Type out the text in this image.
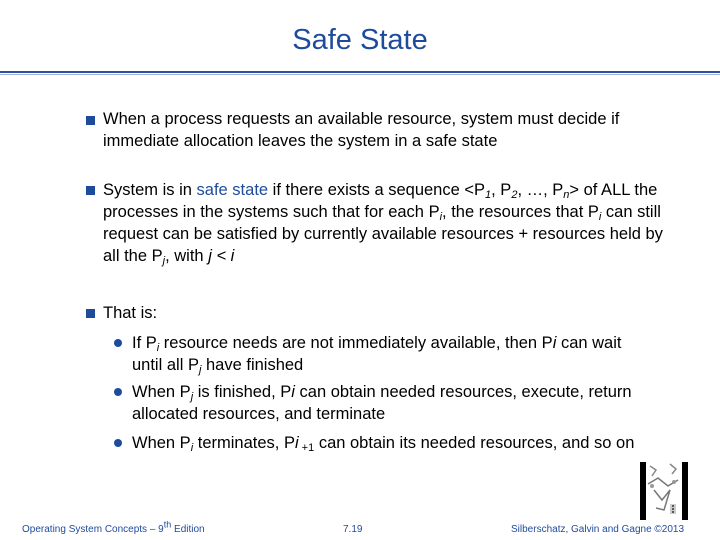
Safe State
When a process requests an available resource, system must decide if immediate allocation leaves the system in a safe state
System is in safe state if there exists a sequence $<P_1$, $P_2$, …, $P_n>$ of ALL the processes in the systems such that for each $P_i$, the resources that $P_i$ can still request can be satisfied by currently available resources + resources held by all the $P_j$, with j < i
That is:
If $P_i$ resource needs are not immediately available, then Pi can wait until all $P_j$ have finished
When $P_j$ is finished, Pi can obtain needed resources, execute, return allocated resources, and terminate
When $P_i$ terminates, Pi $_{+1}$ can obtain its needed resources, and so on
Operating System Concepts – 9th Edition	7.19	Silberschatz, Galvin and Gagne ©2013
